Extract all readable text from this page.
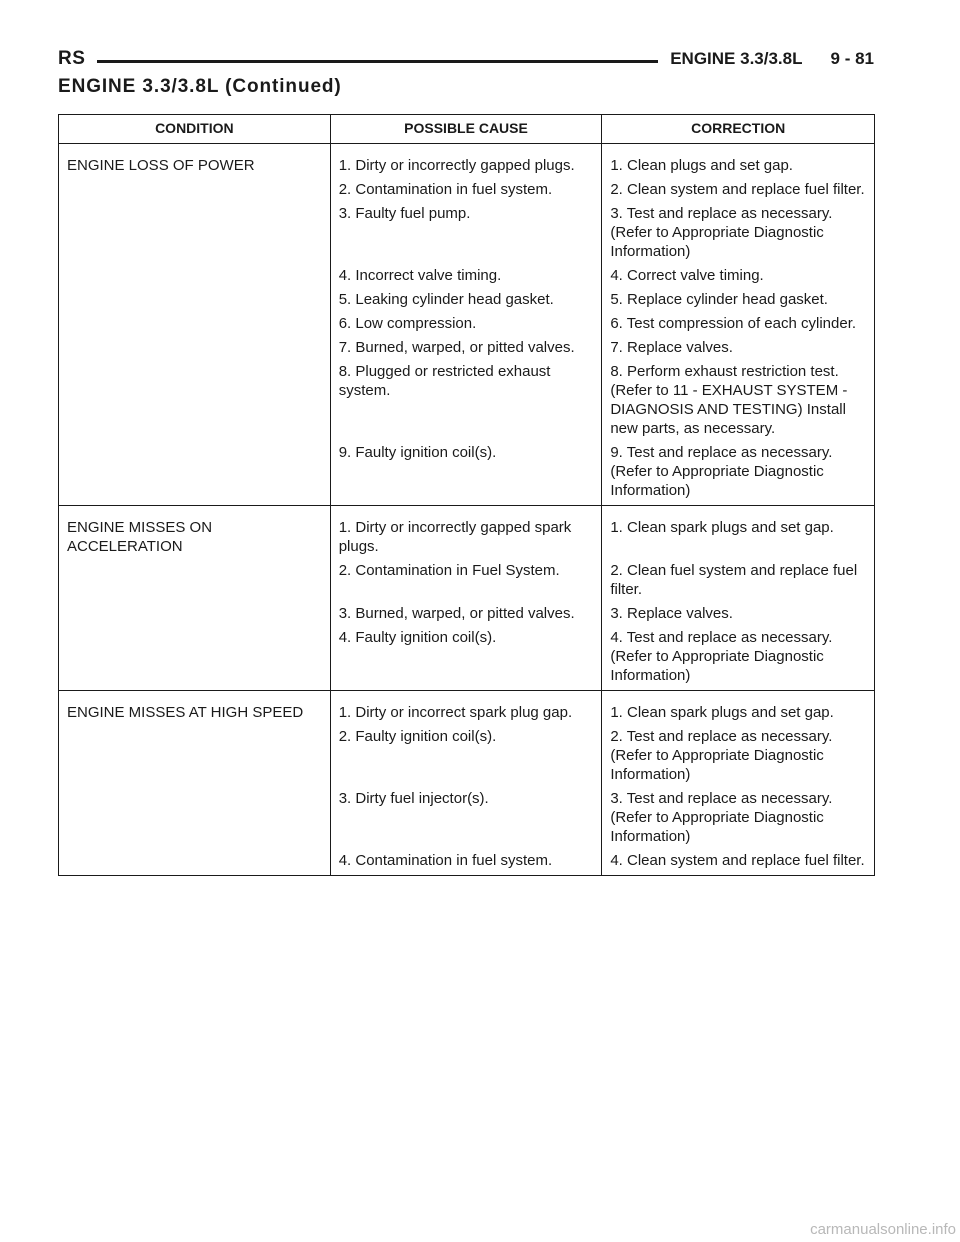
RS	ENGINE 3.3/3.8L      9 - 81
ENGINE 3.3/3.8L (Continued)
CONDITION	POSSIBLE CAUSE	CORRECTION
ENGINE LOSS OF POWER	1. Dirty or incorrectly gapped plugs.	1. Clean plugs and set gap.

	2. Contamination in fuel system.	2. Clean system and replace fuel filter.

	3. Faulty fuel pump.	3. Test and replace as necessary. (Refer to Appropriate Diagnostic Information)

	4. Incorrect valve timing.	4. Correct valve timing.

	5. Leaking cylinder head gasket.	5. Replace cylinder head gasket.

	6. Low compression.	6. Test compression of each cylinder.

	7. Burned, warped, or pitted valves.	7. Replace valves.

	8. Plugged or restricted exhaust system.	8. Perform exhaust restriction test. (Refer to 11 - EXHAUST SYSTEM - DIAGNOSIS AND TESTING) Install new parts, as necessary.

	9. Faulty ignition coil(s).	9. Test and replace as necessary. (Refer to Appropriate Diagnostic Information)
ENGINE MISSES ON ACCELERATION	1. Dirty or incorrectly gapped spark plugs.	1. Clean spark plugs and set gap.

	2. Contamination in Fuel System.	2. Clean fuel system and replace fuel filter.

	3. Burned, warped, or pitted valves.	3. Replace valves.

	4. Faulty ignition coil(s).	4. Test and replace as necessary. (Refer to Appropriate Diagnostic Information)
ENGINE MISSES AT HIGH SPEED	1. Dirty or incorrect spark plug gap.	1. Clean spark plugs and set gap.

	2. Faulty ignition coil(s).	2. Test and replace as necessary. (Refer to Appropriate Diagnostic Information)

	3. Dirty fuel injector(s).	3. Test and replace as necessary. (Refer to Appropriate Diagnostic Information)

	4. Contamination in fuel system.	4. Clean system and replace fuel filter.
carmanualsonline.info
